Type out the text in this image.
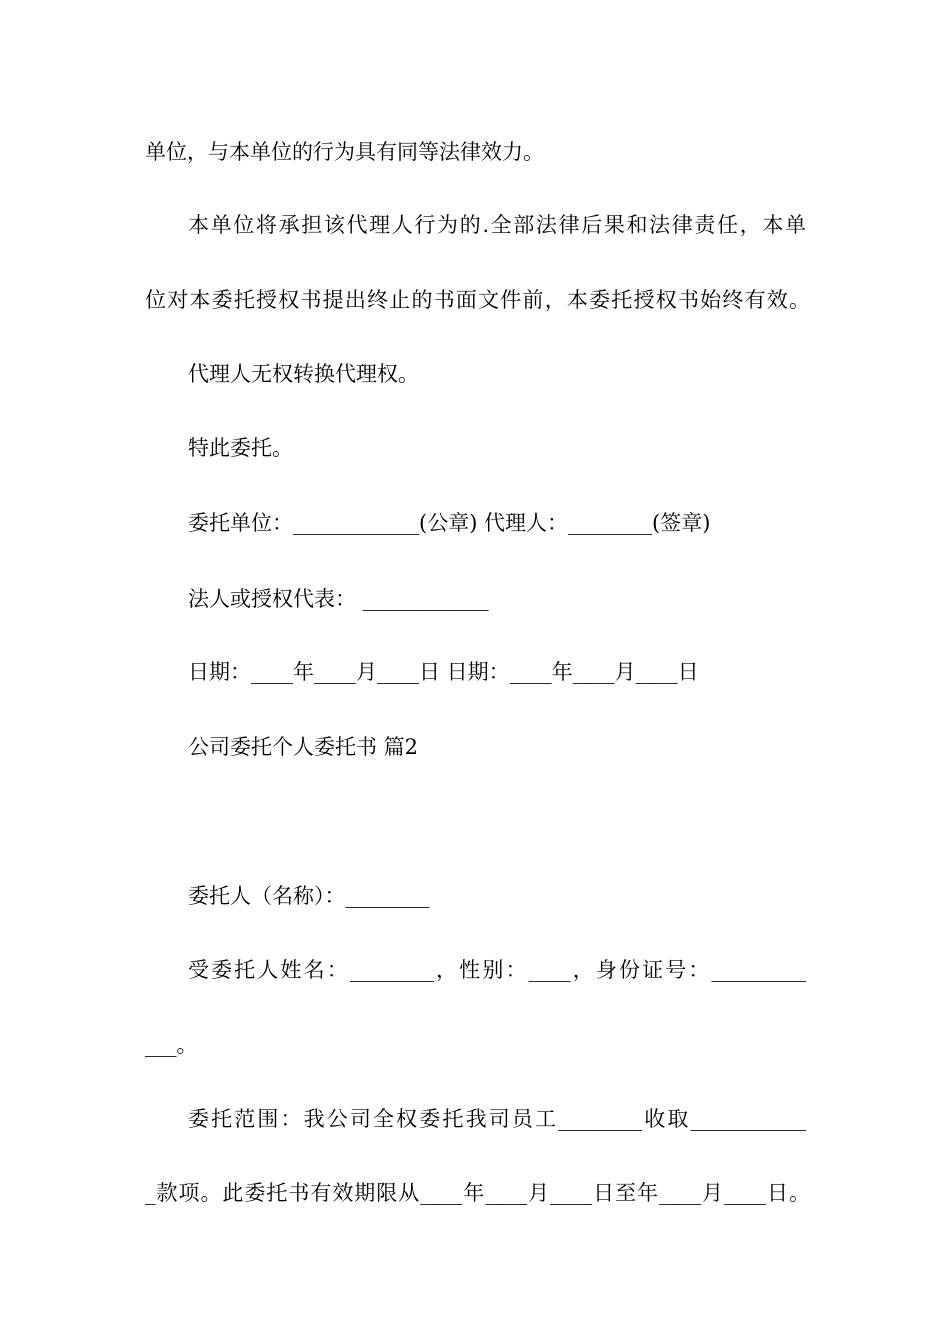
单位，与本单位的行为具有同等法律效力。
本单位将承担该代理人行为的.全部法律后果和法律责任，本单
位对本委托授权书提出终止的书面文件前，本委托授权书始终有效。
代理人无权转换代理权。
特此委托。
委托单位：____________(公章) 代理人：________(签章)
法人或授权代表： ____________
日期：____年____月____日 日期：____年____月____日
公司委托个人委托书 篇2
委托人（名称）：________
受委托人姓名：________，性别：____，身份证号：_________
___。
委托范围：我公司全权委托我司员工________收取___________
_款项。此委托书有效期限从____年____月____日至年____月____日。
